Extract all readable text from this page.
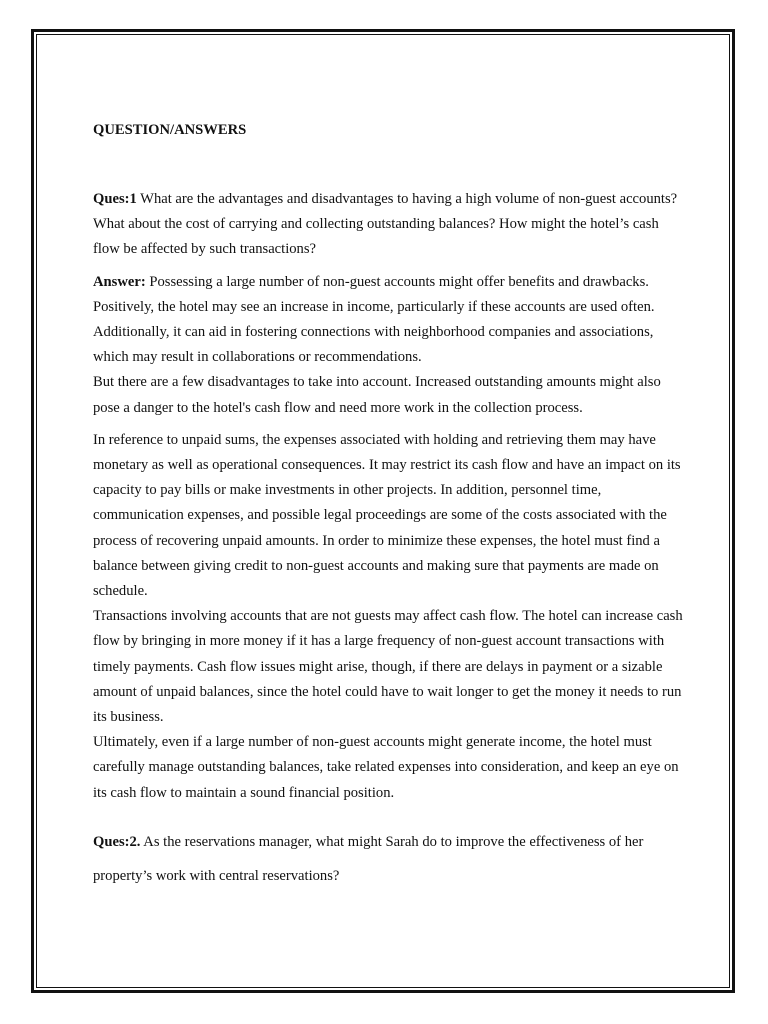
QUESTION/ANSWERS

Ques:1 What are the advantages and disadvantages to having a high volume of non-guest accounts? What about the cost of carrying and collecting outstanding balances? How might the hotel’s cash flow be affected by such transactions?

Answer: Possessing a large number of non-guest accounts might offer benefits and drawbacks. Positively, the hotel may see an increase in income, particularly if these accounts are used often. Additionally, it can aid in fostering connections with neighborhood companies and associations, which may result in collaborations or recommendations.

But there are a few disadvantages to take into account. Increased outstanding amounts might also pose a danger to the hotel's cash flow and need more work in the collection process.

In reference to unpaid sums, the expenses associated with holding and retrieving them may have monetary as well as operational consequences. It may restrict its cash flow and have an impact on its capacity to pay bills or make investments in other projects. In addition, personnel time, communication expenses, and possible legal proceedings are some of the costs associated with the process of recovering unpaid amounts. In order to minimize these expenses, the hotel must find a balance between giving credit to non-guest accounts and making sure that payments are made on schedule.

Transactions involving accounts that are not guests may affect cash flow. The hotel can increase cash flow by bringing in more money if it has a large frequency of non-guest account transactions with timely payments. Cash flow issues might arise, though, if there are delays in payment or a sizable amount of unpaid balances, since the hotel could have to wait longer to get the money it needs to run its business.

Ultimately, even if a large number of non-guest accounts might generate income, the hotel must carefully manage outstanding balances, take related expenses into consideration, and keep an eye on its cash flow to maintain a sound financial position.

Ques:2. As the reservations manager, what might Sarah do to improve the effectiveness of her property’s work with central reservations?
